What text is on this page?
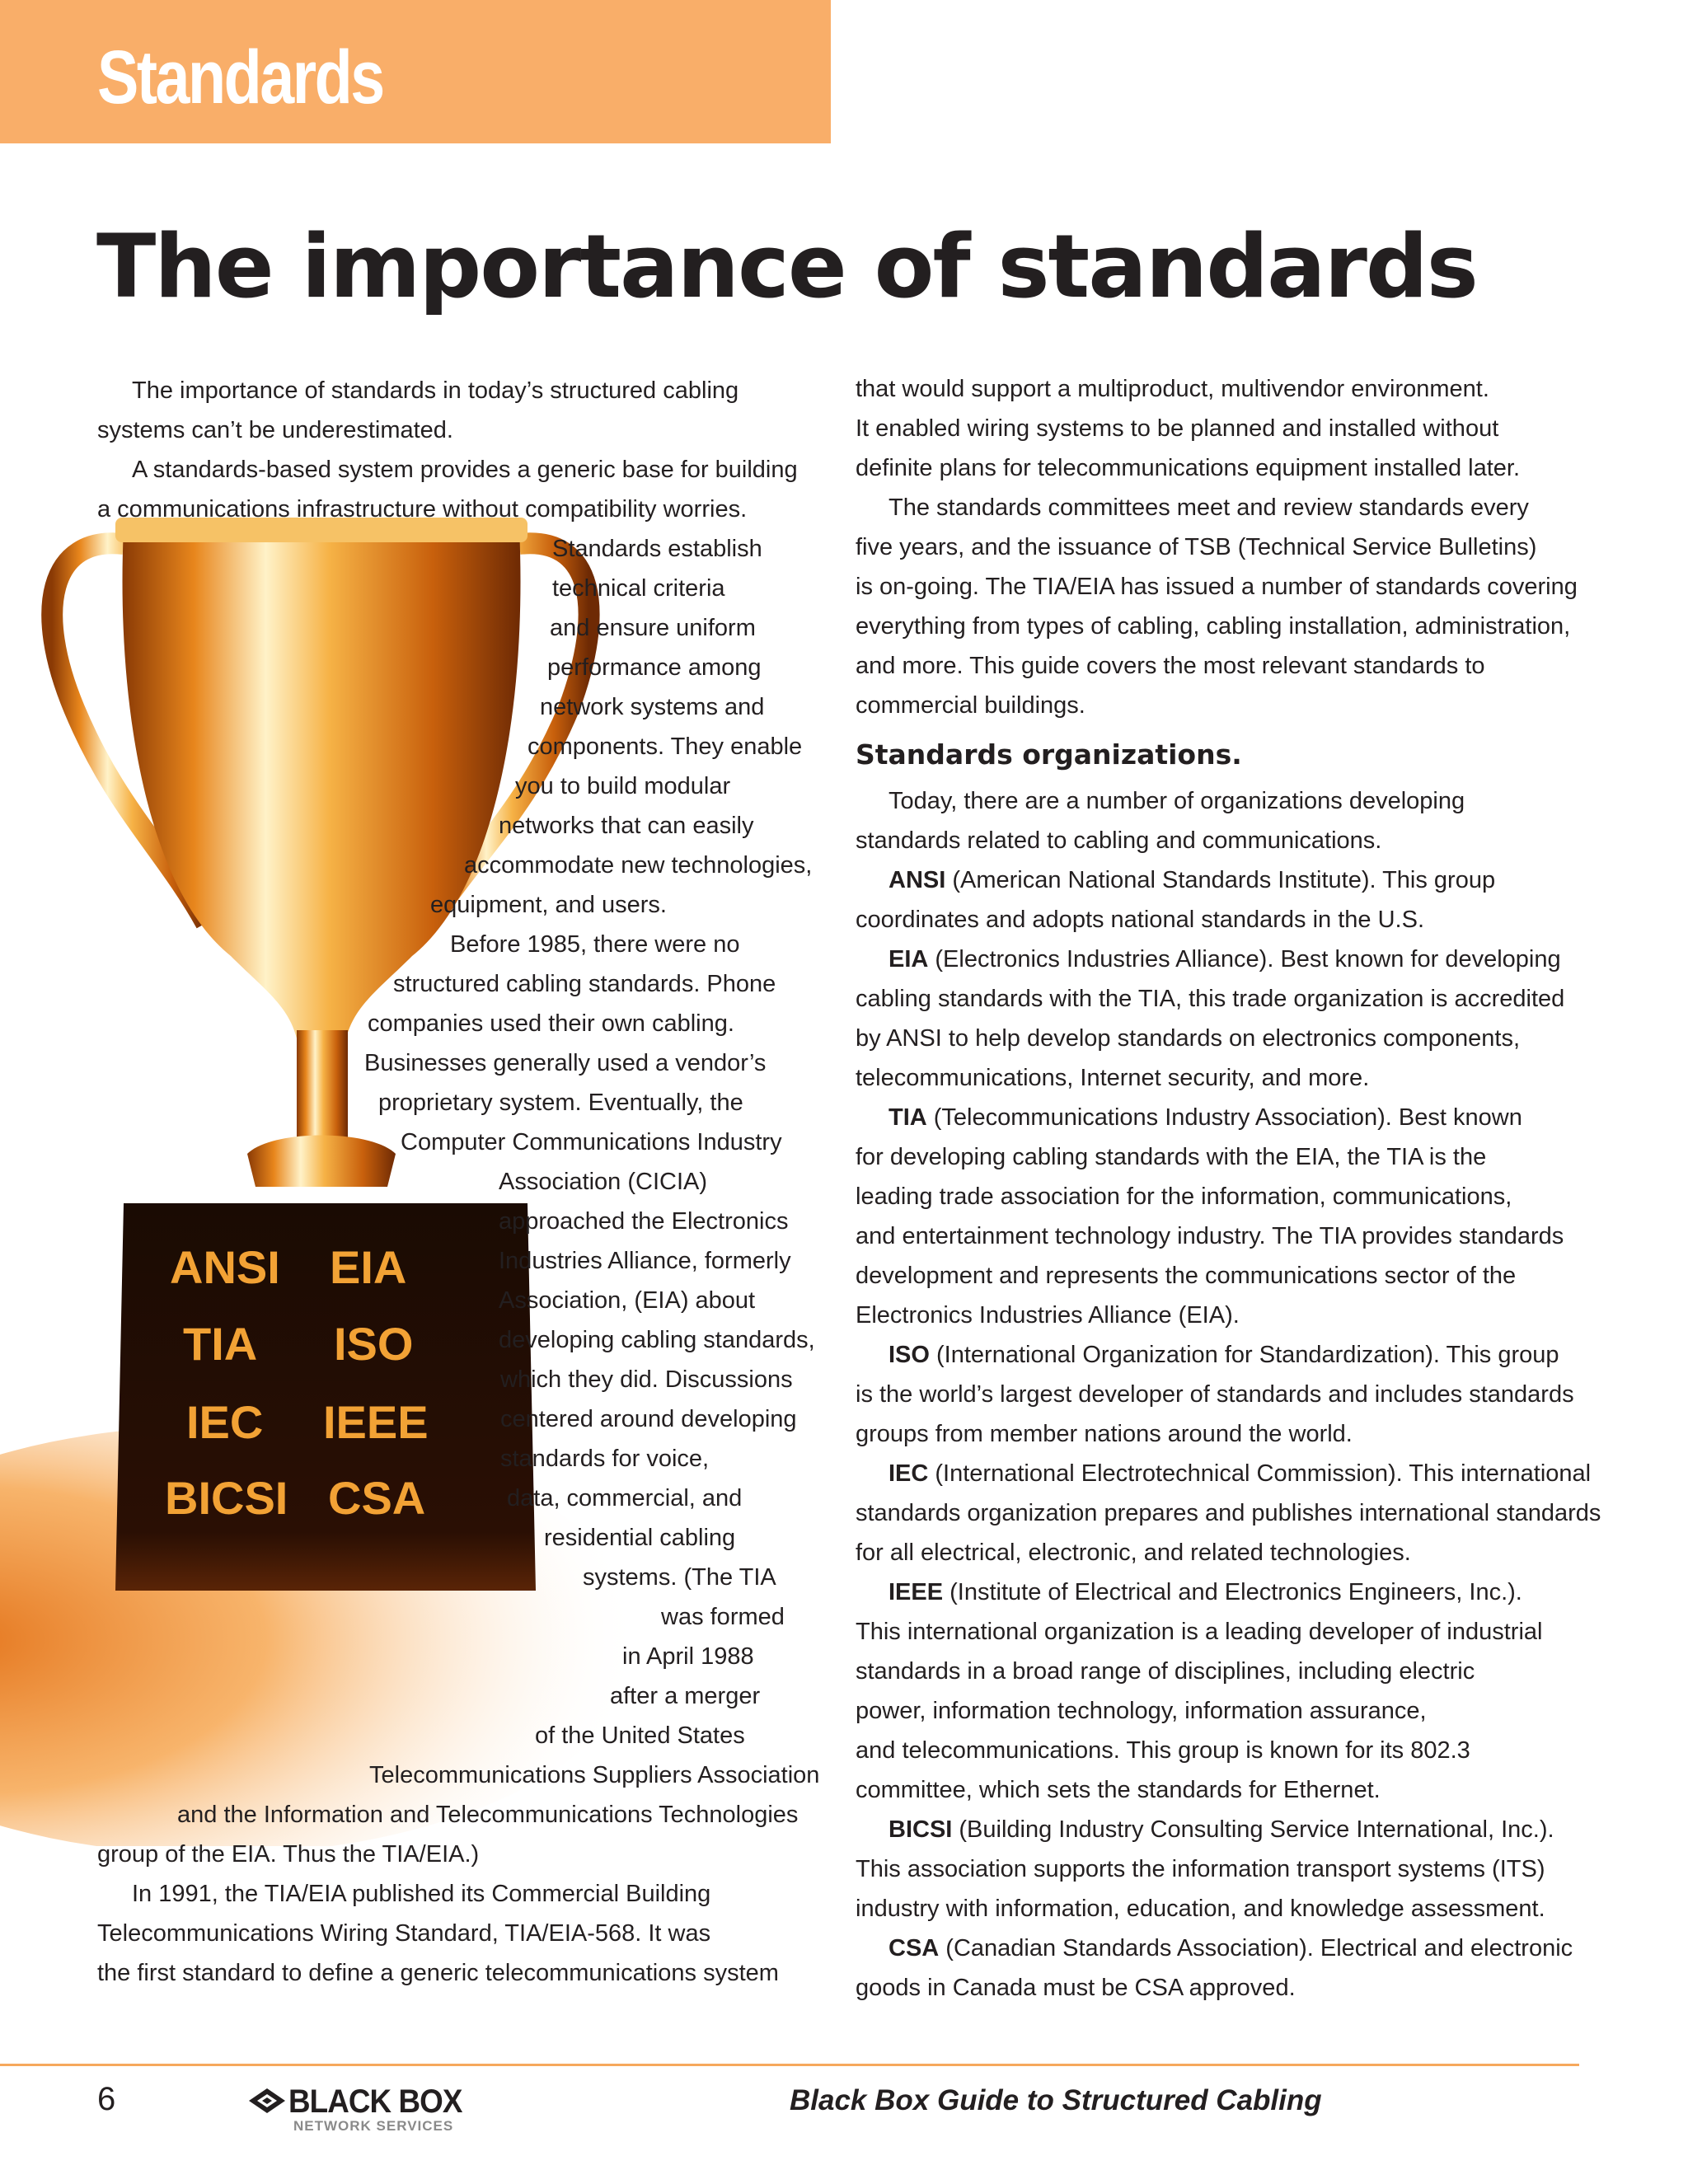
Standards
The importance of standards
ANSI EIA
TIA ISO
IEC IEEE
BICSI CSA
The importance of standards in today’s structured cabling
systems can’t be underestimated.
A standards-based system provides a generic base for building
a communications infrastructure without compatibility worries.
Standards establish
technical criteria
and ensure uniform
performance among
network systems and
components. They enable
you to build modular
networks that can easily
accommodate new technologies,
equipment, and users.
Before 1985, there were no
structured cabling standards. Phone
companies used their own cabling.
Businesses generally used a vendor’s
proprietary system. Eventually, the
Computer Communications Industry
Association (CICIA)
approached the Electronics
Industries Alliance, formerly
Association, (EIA) about
developing cabling standards,
which they did. Discussions
centered around developing
standards for voice,
data, commercial, and
residential cabling
systems. (The TIA
was formed
in April 1988
after a merger
of the United States
Telecommunications Suppliers Association
and the Information and Telecommunications Technologies
group of the EIA. Thus the TIA/EIA.)
In 1991, the TIA/EIA published its Commercial Building
Telecommunications Wiring Standard, TIA/EIA-568. It was
the first standard to define a generic telecommunications system
that would support a multiproduct, multivendor environment.
It enabled wiring systems to be planned and installed without
definite plans for telecommunications equipment installed later.
The standards committees meet and review standards every
five years, and the issuance of TSB (Technical Service Bulletins)
is on-going. The TIA/EIA has issued a number of standards covering
everything from types of cabling, cabling installation, administration,
and more. This guide covers the most relevant standards to
commercial buildings.
Standards organizations.
Today, there are a number of organizations developing
standards related to cabling and communications.
ANSI (American National Standards Institute). This group
coordinates and adopts national standards in the U.S.
EIA (Electronics Industries Alliance). Best known for developing
cabling standards with the TIA, this trade organization is accredited
by ANSI to help develop standards on electronics components,
telecommunications, Internet security, and more.
TIA (Telecommunications Industry Association). Best known
for developing cabling standards with the EIA, the TIA is the
leading trade association for the information, communications,
and entertainment technology industry. The TIA provides standards
development and represents the communications sector of the
Electronics Industries Alliance (EIA).
ISO (International Organization for Standardization). This group
is the world’s largest developer of standards and includes standards
groups from member nations around the world.
IEC (International Electrotechnical Commission). This international
standards organization prepares and publishes international standards
for all electrical, electronic, and related technologies.
IEEE (Institute of Electrical and Electronics Engineers, Inc.).
This international organization is a leading developer of industrial
standards in a broad range of disciplines, including electric
power, information technology, information assurance,
and telecommunications. This group is known for its 802.3
committee, which sets the standards for Ethernet.
BICSI (Building Industry Consulting Service International, Inc.).
This association supports the information transport systems (ITS)
industry with information, education, and knowledge assessment.
CSA (Canadian Standards Association). Electrical and electronic
goods in Canada must be CSA approved.
6	BLACK BOX
NETWORK SERVICES
Black Box Guide to Structured Cabling
